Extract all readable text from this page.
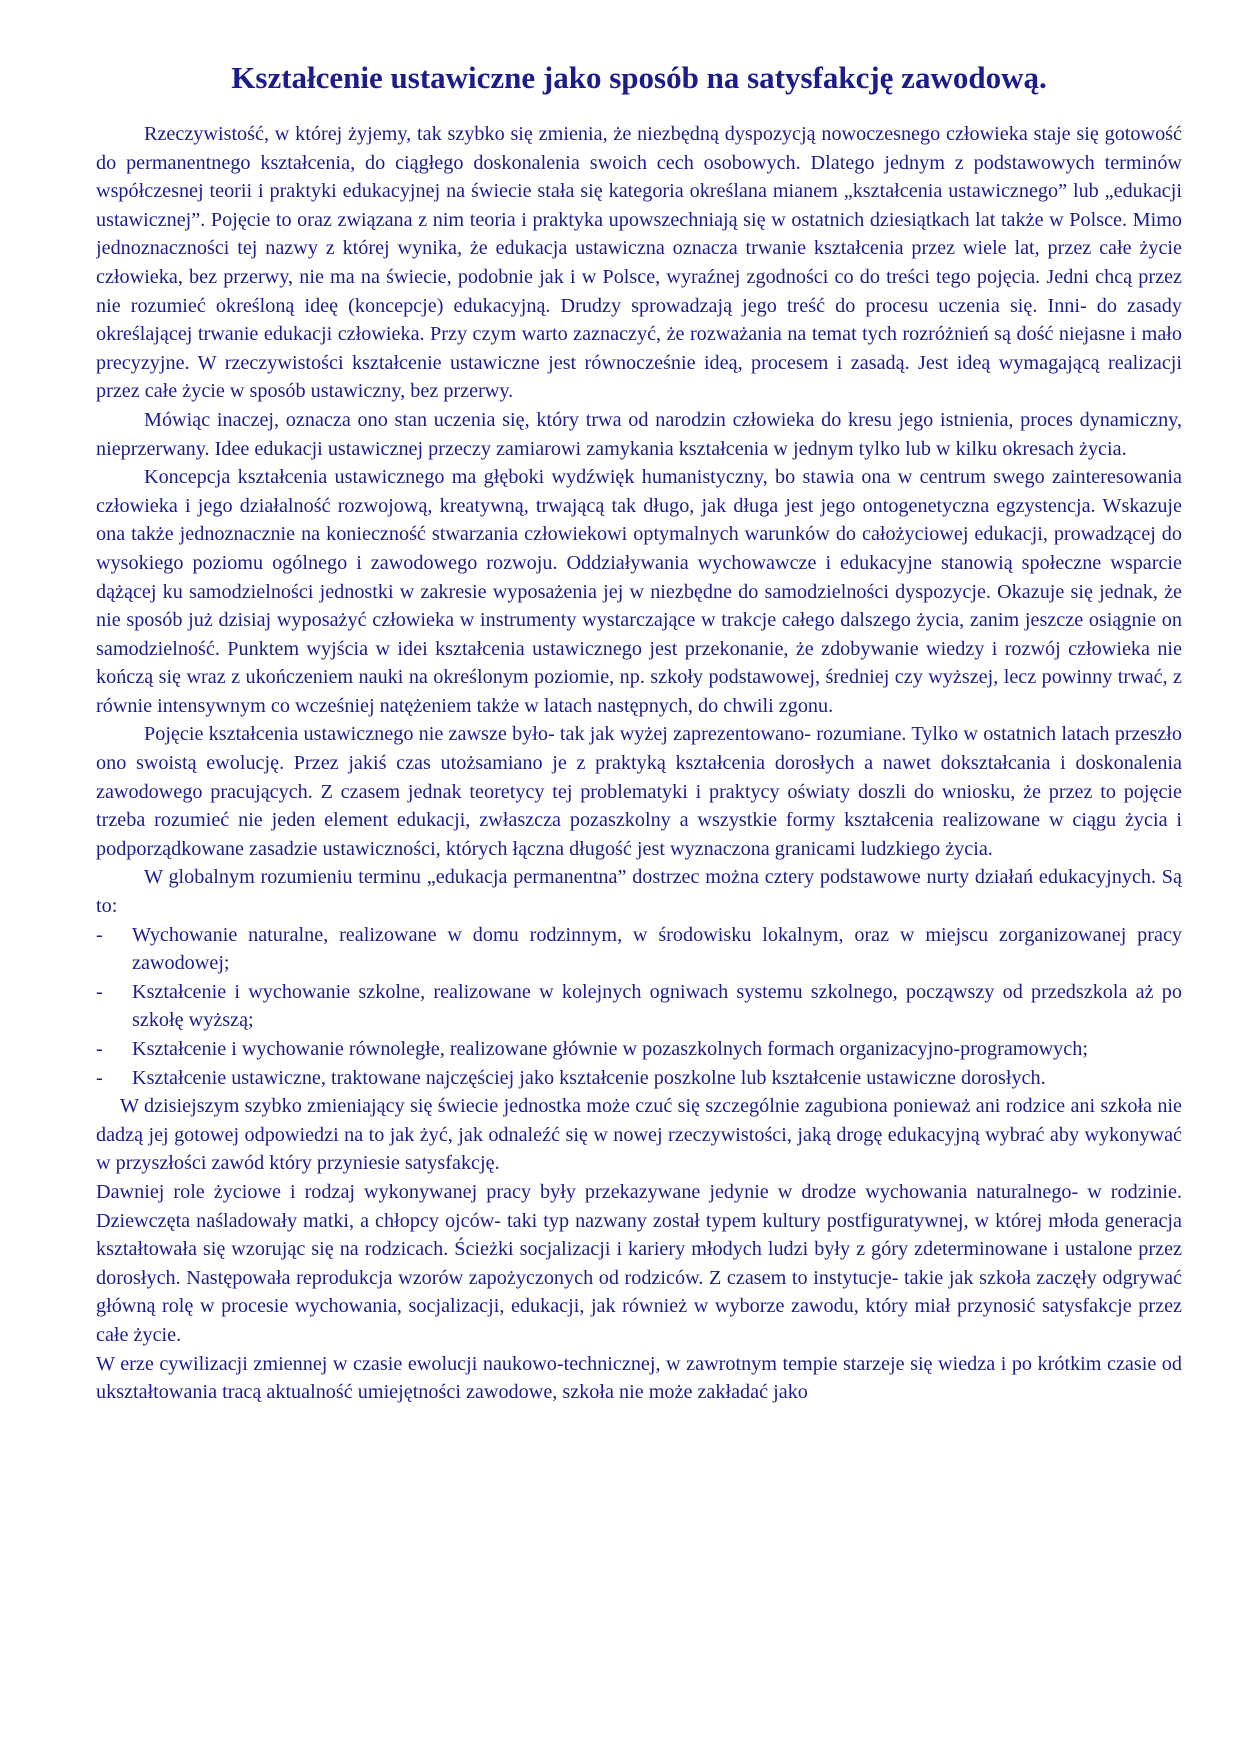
Kształcenie ustawiczne jako sposób na satysfakcję zawodową.

Rzeczywistość, w której żyjemy, tak szybko się zmienia, że niezbędną dyspozycją nowoczesnego człowieka staje się gotowość do permanentnego kształcenia, do ciągłego doskonalenia swoich cech osobowych. Dlatego jednym z podstawowych terminów współczesnej teorii i praktyki edukacyjnej na świecie stała się kategoria określana mianem „kształcenia ustawicznego” lub „edukacji ustawicznej”. Pojęcie to oraz związana z nim teoria i praktyka upowszechniają się w ostatnich dziesiątkach lat także w Polsce. Mimo jednoznaczności tej nazwy z której wynika, że edukacja ustawiczna oznacza trwanie kształcenia przez wiele lat, przez całe życie człowieka, bez przerwy, nie ma na świecie, podobnie jak i w Polsce, wyraźnej zgodności co do treści tego pojęcia. Jedni chcą przez nie rozumieć określoną ideę (koncepcje) edukacyjną. Drudzy sprowadzają jego treść do procesu uczenia się. Inni- do zasady określającej trwanie edukacji człowieka. Przy czym warto zaznaczyć, że rozważania na temat tych rozróżnień są dość niejasne i mało precyzyjne. W rzeczywistości kształcenie ustawiczne jest równocześnie ideą, procesem i zasadą. Jest ideą wymagającą realizacji przez całe życie w sposób ustawiczny, bez przerwy.

Mówiąc inaczej, oznacza ono stan uczenia się, który trwa od narodzin człowieka do kresu jego istnienia, proces dynamiczny, nieprzerwany. Idee edukacji ustawicznej przeczy zamiarowi zamykania kształcenia w jednym tylko lub w kilku okresach życia.

Koncepcja kształcenia ustawicznego ma głęboki wydźwięk humanistyczny, bo stawia ona w centrum swego zainteresowania człowieka i jego działalność rozwojową, kreatywną, trwającą tak długo, jak długa jest jego ontogenetyczna egzystencja. Wskazuje ona także jednoznacznie na konieczność stwarzania człowiekowi optymalnych warunków do całożyciowej edukacji, prowadzącej do wysokiego poziomu ogólnego i zawodowego rozwoju. Oddziaływania wychowawcze i edukacyjne stanowią społeczne wsparcie dążącej ku samodzielności jednostki w zakresie wyposażenia jej w niezbędne do samodzielności dyspozycje. Okazuje się jednak, że nie sposób już dzisiaj wyposażyć człowieka w instrumenty wystarczające w trakcje całego dalszego życia, zanim jeszcze osiągnie on samodzielność. Punktem wyjścia w idei kształcenia ustawicznego jest przekonanie, że zdobywanie wiedzy i rozwój człowieka nie kończą się wraz z ukończeniem nauki na określonym poziomie, np. szkoły podstawowej, średniej czy wyższej, lecz powinny trwać, z równie intensywnym co wcześniej natężeniem także w latach następnych, do chwili zgonu.

Pojęcie kształcenia ustawicznego nie zawsze było- tak jak wyżej zaprezentowano- rozumiane. Tylko w ostatnich latach przeszło ono swoistą ewolucję. Przez jakiś czas utożsamiano je z praktyką kształcenia dorosłych a nawet dokształcania i doskonalenia zawodowego pracujących. Z czasem jednak teoretycy tej problematyki i praktycy oświaty doszli do wniosku, że przez to pojęcie trzeba rozumieć nie jeden element edukacji, zwłaszcza pozaszkolny a wszystkie formy kształcenia realizowane w ciągu życia i podporządkowane zasadzie ustawiczności, których łączna długość jest wyznaczona granicami ludzkiego życia.

W globalnym rozumieniu terminu „edukacja permanentna” dostrzec można cztery podstawowe nurty działań edukacyjnych. Są to:

- Wychowanie naturalne, realizowane w domu rodzinnym, w środowisku lokalnym, oraz w miejscu zorganizowanej pracy zawodowej;
- Kształcenie i wychowanie szkolne, realizowane w kolejnych ogniwach systemu szkolnego, począwszy od przedszkola aż po szkołę wyższą;
- Kształcenie i wychowanie równoległe, realizowane głównie w pozaszkolnych formach organizacyjno-programowych;
- Kształcenie ustawiczne, traktowane najczęściej jako kształcenie poszkolne lub kształcenie ustawiczne dorosłych.

W dzisiejszym szybko zmieniający się świecie jednostka może czuć się szczególnie zagubiona ponieważ ani rodzice ani szkoła nie dadzą jej gotowej odpowiedzi na to jak żyć, jak odnaleźć się w nowej rzeczywistości, jaką drogę edukacyjną wybrać aby wykonywać w przyszłości zawód który przyniesie satysfakcję.

Dawniej role życiowe i rodzaj wykonywanej pracy były przekazywane jedynie w drodze wychowania naturalnego- w rodzinie. Dziewczęta naśladowały matki, a chłopcy ojców- taki typ nazwany został typem kultury postfiguratywnej, w której młoda generacja kształtowała się wzorując się na rodzicach. Ścieżki socjalizacji i kariery młodych ludzi były z góry zdeterminowane i ustalone przez dorosłych. Następowała reprodukcja wzorów zapożyczonych od rodziców. Z czasem to instytucje- takie jak szkoła zaczęły odgrywać główną rolę w procesie wychowania, socjalizacji, edukacji, jak również w wyborze zawodu, który miał przynosić satysfakcje przez całe życie.

W erze cywilizacji zmiennej w czasie ewolucji naukowo-technicznej, w zawrotnym tempie starzeje się wiedza i po krótkim czasie od ukształtowania tracą aktualność umiejętności zawodowe, szkoła nie może zakładać jako
